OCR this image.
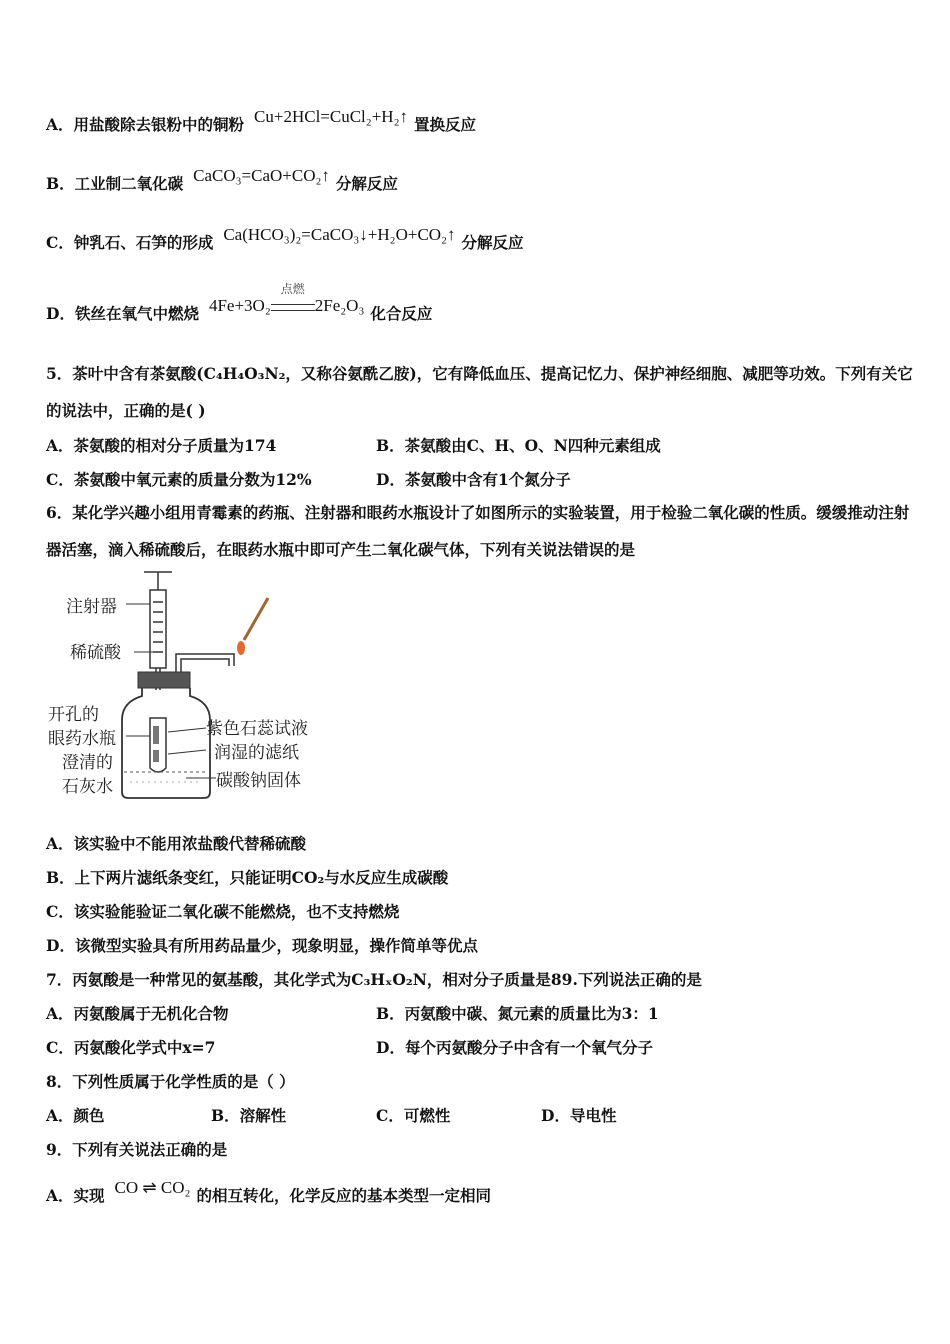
A．用盐酸除去银粉中的铜粉 Cu+2HCl=CuCl₂+H₂↑ 置换反应
B．工业制二氧化碳 CaCO₃=CaO+CO₂↑ 分解反应
C．钟乳石、石笋的形成 Ca(HCO₃)₂=CaCO₃↓+H₂O+CO₂↑ 分解反应
D．铁丝在氧气中燃烧 4Fe+3O₂
点燃
2Fe₂O₃ 化合反应
5．茶叶中含有茶氨酸(C₄H₄O₃N₂，又称谷氨酰乙胺)，它有降低血压、提高记忆力、保护神经细胞、减肥等功效。下列有关它的说法中，正确的是( )
A．茶氨酸的相对分子质量为174	B．茶氨酸由C、H、O、N四种元素组成
C．茶氨酸中氧元素的质量分数为12%	D．茶氨酸中含有1个氮分子
6．某化学兴趣小组用青霉素的药瓶、注射器和眼药水瓶设计了如图所示的实验装置，用于检验二氧化碳的性质。缓缓推动注射器活塞，滴入稀硫酸后，在眼药水瓶中即可产生二氧化碳气体，下列有关说法错误的是
注射器
稀硫酸
开孔的
眼药水瓶
澄清的
石灰水
紫色石蕊试液
润湿的滤纸
碳酸钠固体
A．该实验中不能用浓盐酸代替稀硫酸
B．上下两片滤纸条变红，只能证明CO₂与水反应生成碳酸
C．该实验能验证二氧化碳不能燃烧，也不支持燃烧
D．该微型实验具有所用药品量少，现象明显，操作简单等优点
7．丙氨酸是一种常见的氨基酸，其化学式为C₃HₓO₂N，相对分子质量是89.下列说法正确的是
A．丙氨酸属于无机化合物	B．丙氨酸中碳、氮元素的质量比为3：1
C．丙氨酸化学式中x=7	D．每个丙氨酸分子中含有一个氧气分子
8．下列性质属于化学性质的是（ ）
A．颜色	B．溶解性	C．可燃性	D．导电性
9．下列有关说法正确的是
A．实现 CO ⇌ CO₂ 的相互转化，化学反应的基本类型一定相同
